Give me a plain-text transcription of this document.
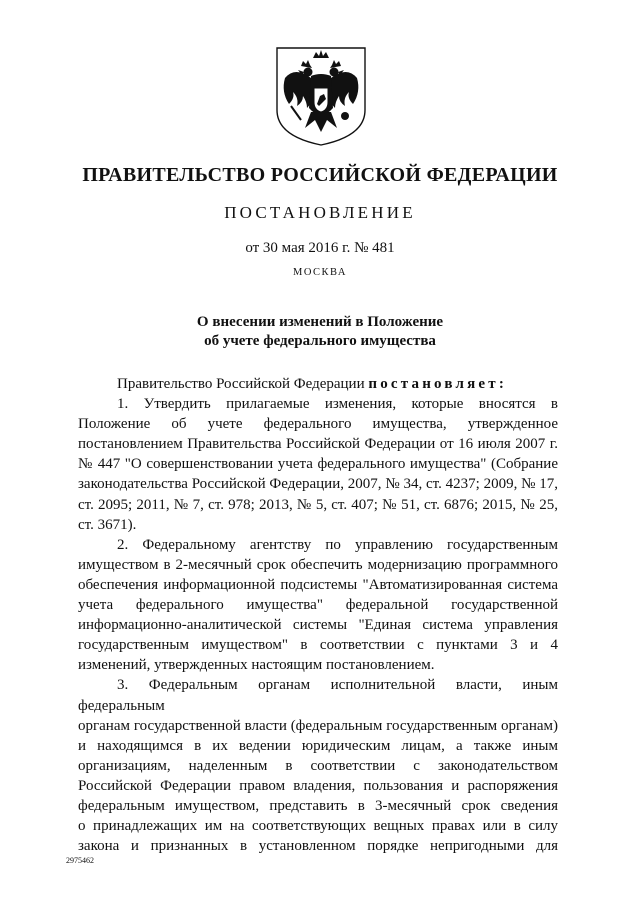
ПРАВИТЕЛЬСТВО РОССИЙСКОЙ ФЕДЕРАЦИИ
ПОСТАНОВЛЕНИЕ
от 30 мая 2016 г. № 481
МОСКВА
О внесении изменений в Положение
об учете федерального имущества

Правительство Российской Федерации постановляет:

1. Утвердить прилагаемые изменения, которые вносятся в

Положение об учете федерального имущества, утвержденное

постановлением Правительства Российской Федерации от 16 июля 2007 г.

№ 447 "О совершенствовании учета федерального имущества" (Собрание

законодательства Российской Федерации, 2007, № 34, ст. 4237; 2009, № 17,

ст. 2095; 2011, № 7, ст. 978; 2013, № 5, ст. 407; № 51, ст. 6876; 2015, № 25,

ст. 3671).

2. Федеральному агентству по управлению государственным

имуществом в 2-месячный срок обеспечить модернизацию программного

обеспечения информационной подсистемы "Автоматизированная система

учета федерального имущества" федеральной государственной

информационно-аналитической системы "Единая система управления

государственным имуществом" в соответствии с пунктами 3 и 4

изменений, утвержденных настоящим постановлением.

3. Федеральным органам исполнительной власти, иным федеральным

органам государственной власти (федеральным государственным органам)

и находящимся в их ведении юридическим лицам, а также иным

организациям, наделенным в соответствии с законодательством

Российской Федерации правом владения, пользования и распоряжения

федеральным имуществом, представить в 3-месячный срок сведения

о принадлежащих им на соответствующих вещных правах или в силу

закона и признанных в установленном порядке непригодными для

2975462
